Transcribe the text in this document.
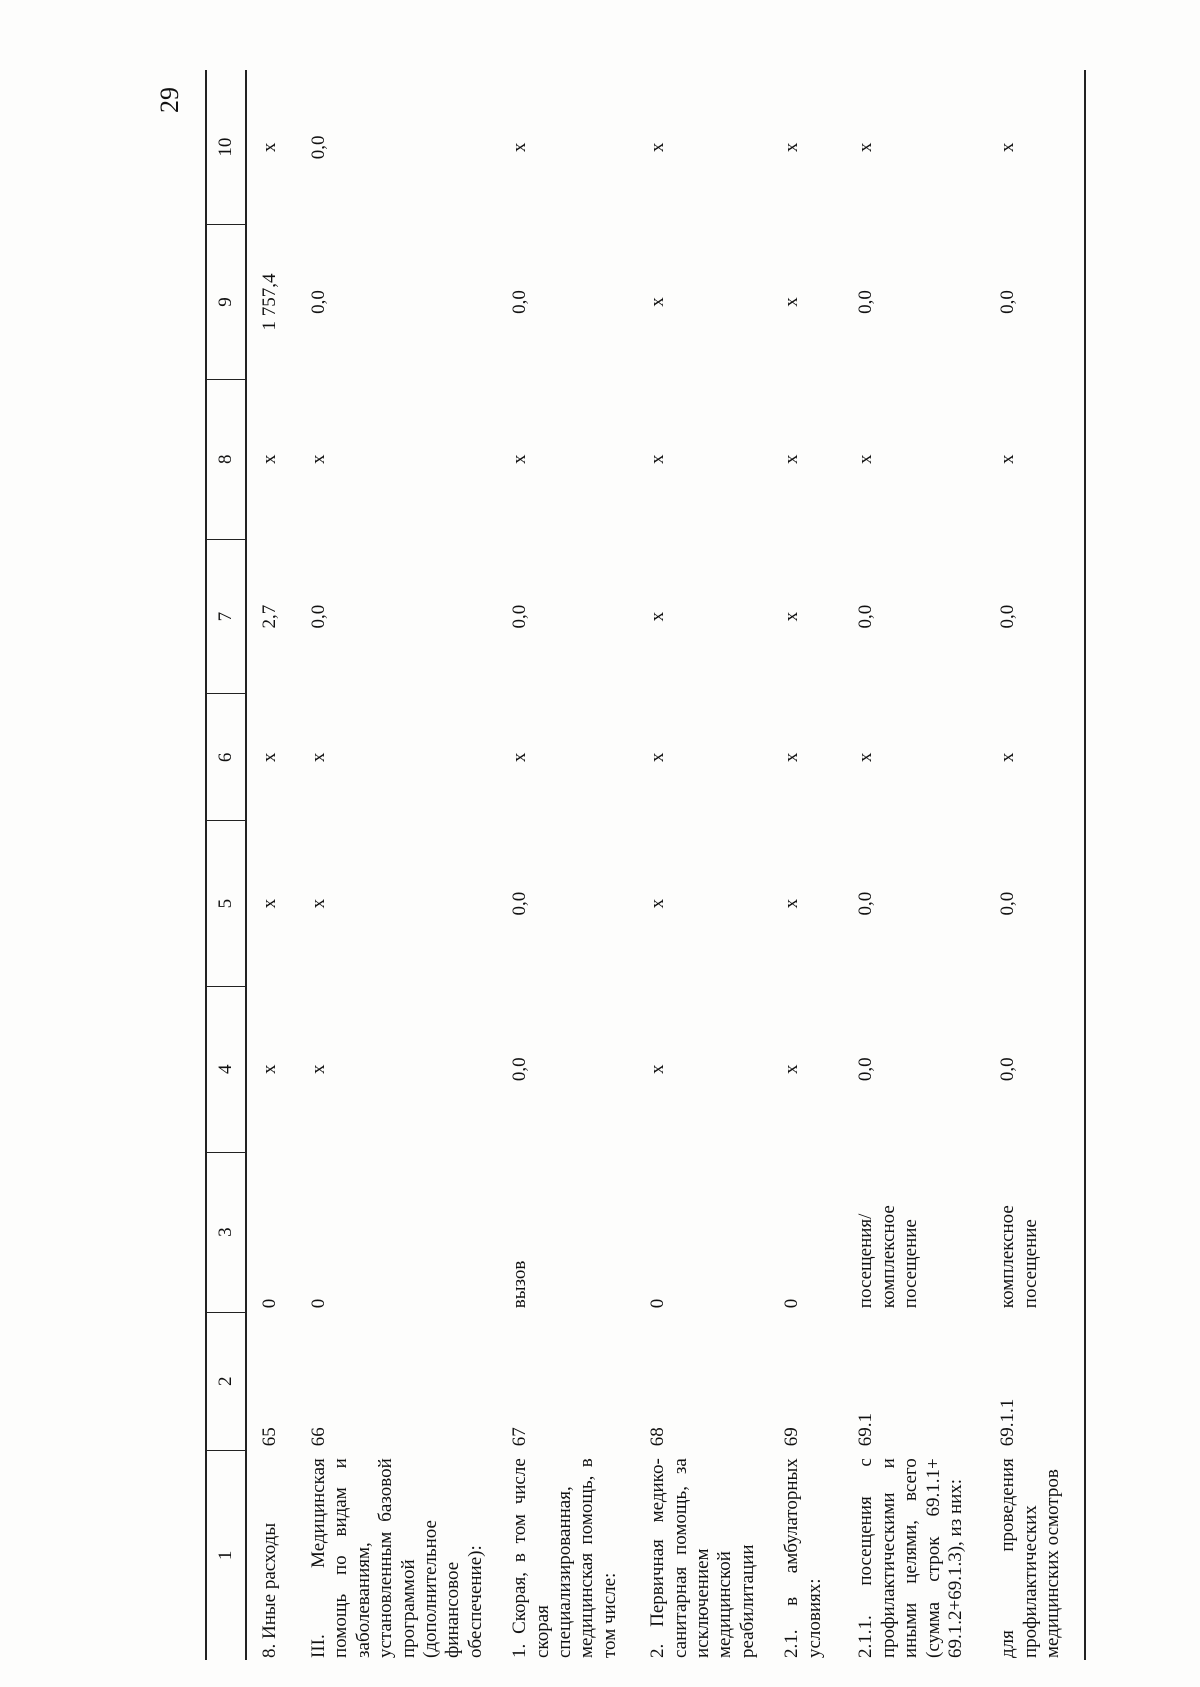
29
1	2	3	4	5	6	7	8	9	10
8. Иные расходы	65	0	х	х	х	2,7	х	1 757,4	х
III. Медицинская помощь по видам и заболеваниям, установленным базовой программой (дополнительное финансовое обеспечение):	66	0	х	х	х	0,0	х	0,0	0,0
1. Скорая, в том числе скорая специализированная, медицинская помощь, в том числе:	67	вызов	0,0	0,0	х	0,0	х	0,0	х
2. Первичная медико-санитарная помощь, за исключением медицинской реабилитации	68	0	х	х	х	х	х	х	х
2.1. в амбулаторных условиях:	69	0	х	х	х	х	х	х	х
2.1.1. посещения с профилактическими и иными целями, всего (сумма строк 69.1.1+ 69.1.2+69.1.3), из них:	69.1	посещения/ комплексное посещение	0,0	0,0	х	0,0	х	0,0	х
для проведения профилактических медицинских осмотров	69.1.1	комплексное посещение	0,0	0,0	х	0,0	х	0,0	х
